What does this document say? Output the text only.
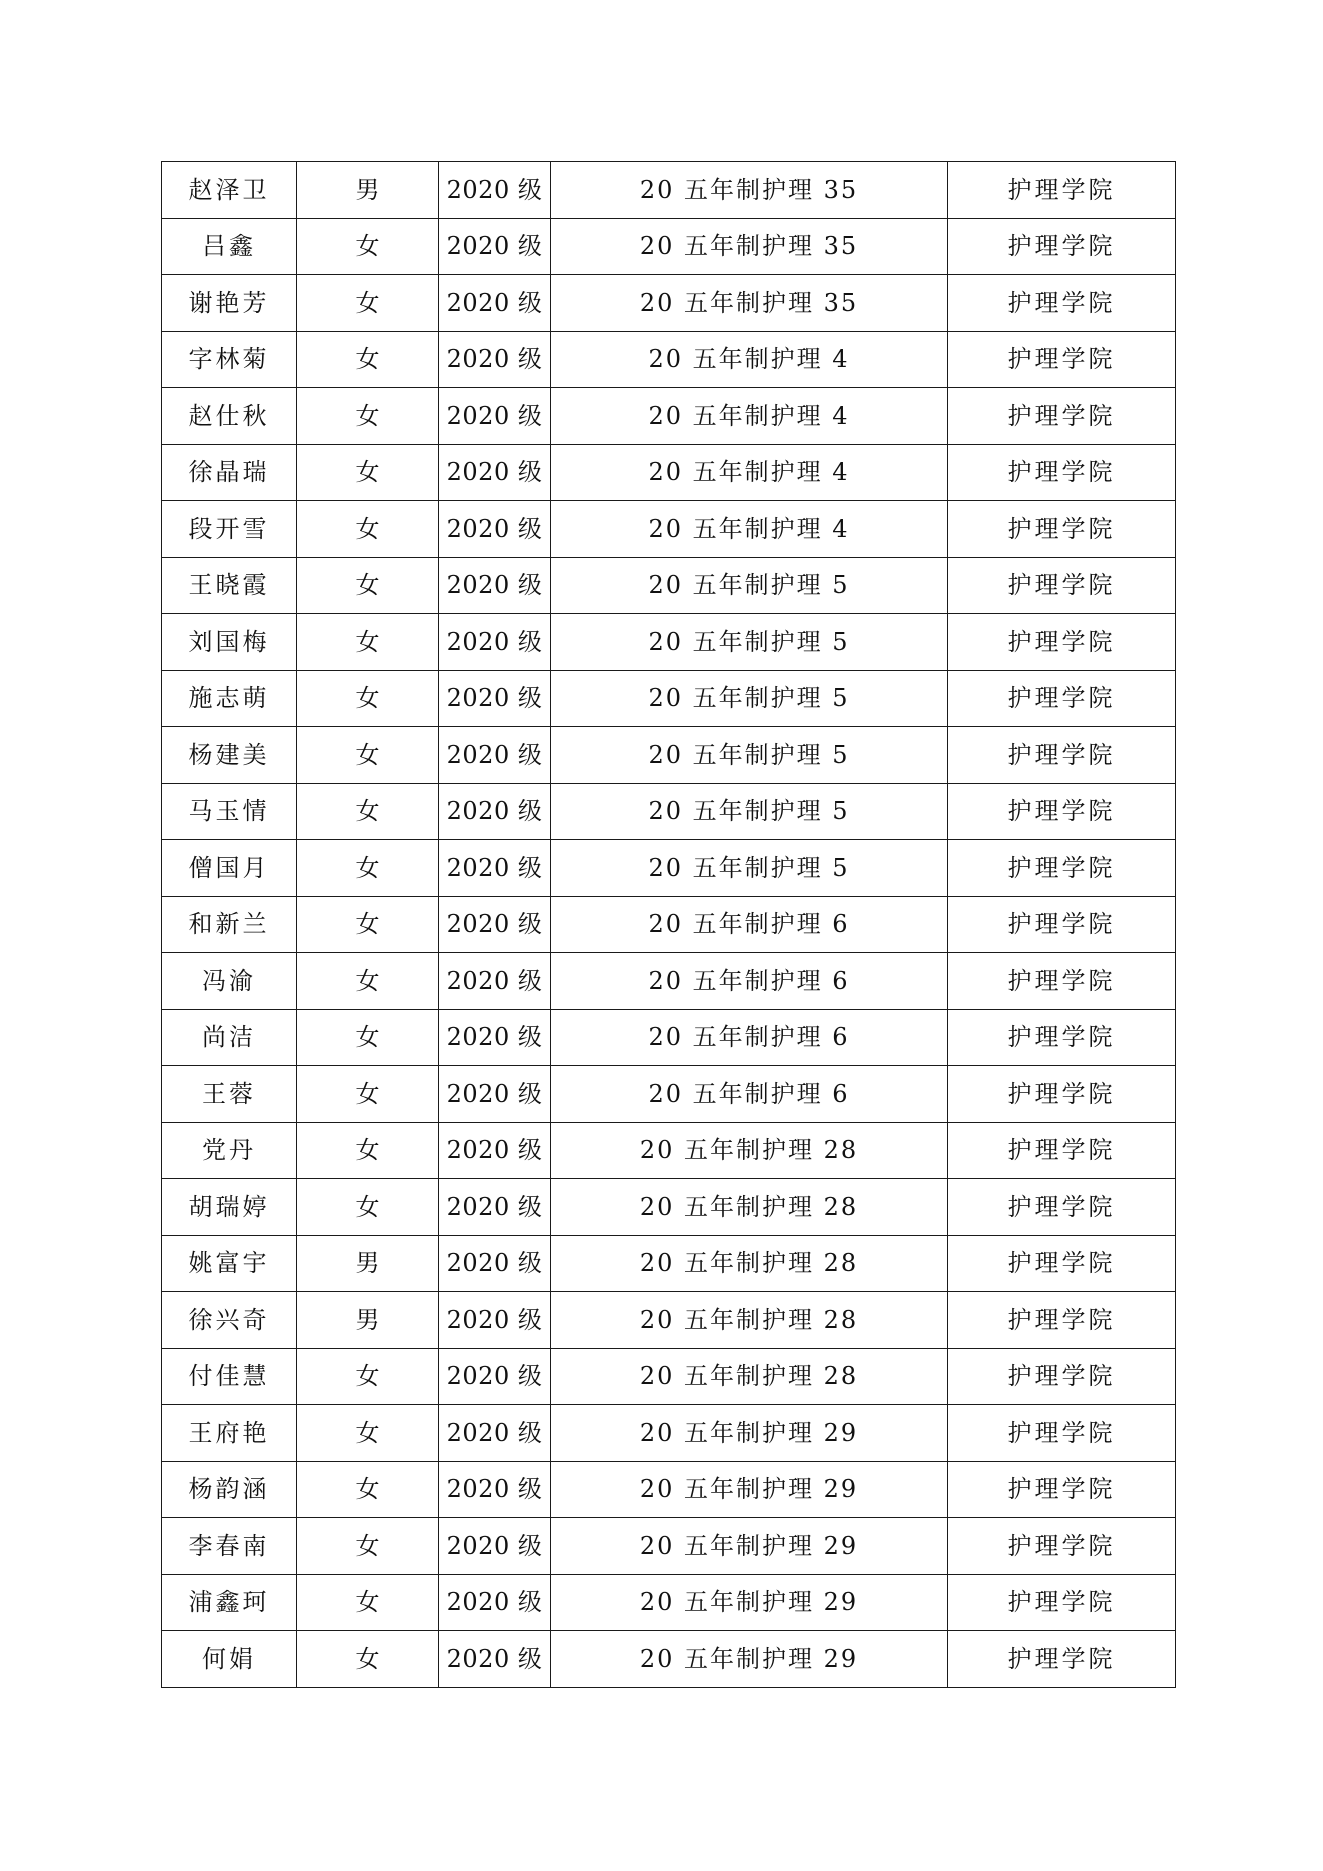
赵泽卫	男	2020 级	20 五年制护理 35	护理学院
吕鑫	女	2020 级	20 五年制护理 35	护理学院
谢艳芳	女	2020 级	20 五年制护理 35	护理学院
字林菊	女	2020 级	20 五年制护理 4	护理学院
赵仕秋	女	2020 级	20 五年制护理 4	护理学院
徐晶瑞	女	2020 级	20 五年制护理 4	护理学院
段开雪	女	2020 级	20 五年制护理 4	护理学院
王晓霞	女	2020 级	20 五年制护理 5	护理学院
刘国梅	女	2020 级	20 五年制护理 5	护理学院
施志萌	女	2020 级	20 五年制护理 5	护理学院
杨建美	女	2020 级	20 五年制护理 5	护理学院
马玉情	女	2020 级	20 五年制护理 5	护理学院
僧国月	女	2020 级	20 五年制护理 5	护理学院
和新兰	女	2020 级	20 五年制护理 6	护理学院
冯渝	女	2020 级	20 五年制护理 6	护理学院
尚洁	女	2020 级	20 五年制护理 6	护理学院
王蓉	女	2020 级	20 五年制护理 6	护理学院
党丹	女	2020 级	20 五年制护理 28	护理学院
胡瑞婷	女	2020 级	20 五年制护理 28	护理学院
姚富宇	男	2020 级	20 五年制护理 28	护理学院
徐兴奇	男	2020 级	20 五年制护理 28	护理学院
付佳慧	女	2020 级	20 五年制护理 28	护理学院
王府艳	女	2020 级	20 五年制护理 29	护理学院
杨韵涵	女	2020 级	20 五年制护理 29	护理学院
李春南	女	2020 级	20 五年制护理 29	护理学院
浦鑫珂	女	2020 级	20 五年制护理 29	护理学院
何娟	女	2020 级	20 五年制护理 29	护理学院
